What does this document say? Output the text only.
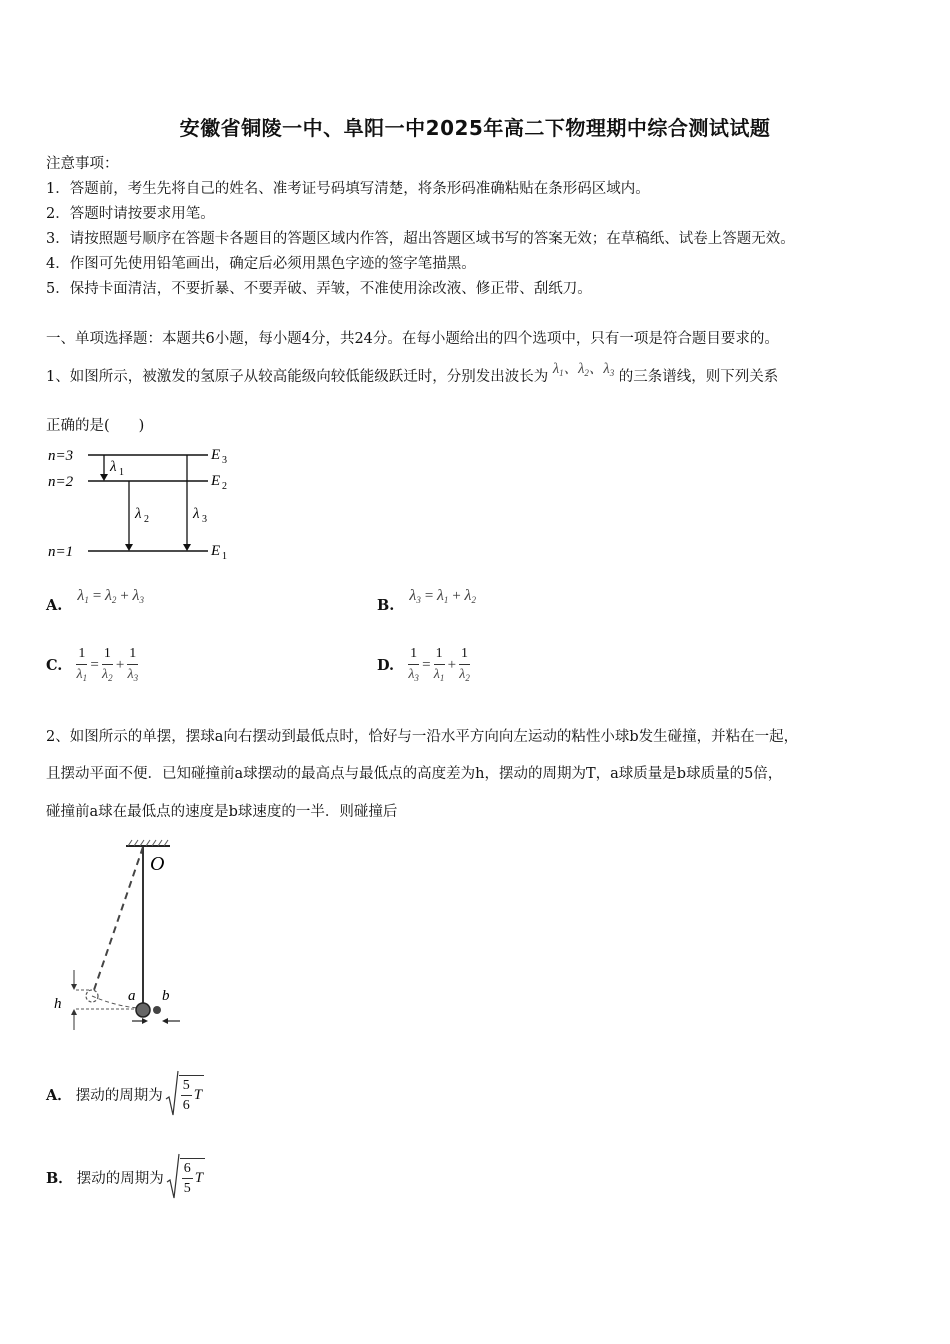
安徽省铜陵一中、阜阳一中2025年高二下物理期中综合测试试题
注意事项：
1．答题前，考生先将自己的姓名、准考证号码填写清楚，将条形码准确粘贴在条形码区域内。
2．答题时请按要求用笔。
3．请按照题号顺序在答题卡各题目的答题区域内作答，超出答题区域书写的答案无效；在草稿纸、试卷上答题无效。
4．作图可先使用铅笔画出，确定后必须用黑色字迹的签字笔描黑。
5．保持卡面清洁，不要折暴、不要弄破、弄皱，不准使用涂改液、修正带、刮纸刀。
一、单项选择题：本题共6小题，每小题4分，共24分。在每小题给出的四个选项中，只有一项是符合题目要求的。
1、如图所示，被激发的氢原子从较高能级向较低能级跃迁时，分别发出波长为 $\lambda_1$、$\lambda_2$、$\lambda_3$ 的三条谱线，则下列关系
正确的是(　　)
n=3
n=2
n=1
E 3
E 2
E 1
λ 1
λ 2	λ 3
A. $\lambda_1 = \lambda_2 + \lambda_3$	B. $\lambda_3 = \lambda_1 + \lambda_2$
C. $\frac{1}{\lambda_1} = \frac{1}{\lambda_2} + \frac{1}{\lambda_3}$	D. $\frac{1}{\lambda_3} = \frac{1}{\lambda_1} + \frac{1}{\lambda_2}$
2、如图所示的单摆，摆球a向右摆动到最低点时，恰好与一沿水平方向向左运动的粘性小球b发生碰撞，并粘在一起，
且摆动平面不便．已知碰撞前a球摆动的最高点与最低点的高度差为h，摆动的周期为T，a球质量是b球质量的5倍，
碰撞前a球在最低点的速度是b球速度的一半．则碰撞后
O
a b
h
A． 摆动的周期为 $\frac{5}{6}$ T
B． 摆动的周期为 $\frac{6}{5}$ T
